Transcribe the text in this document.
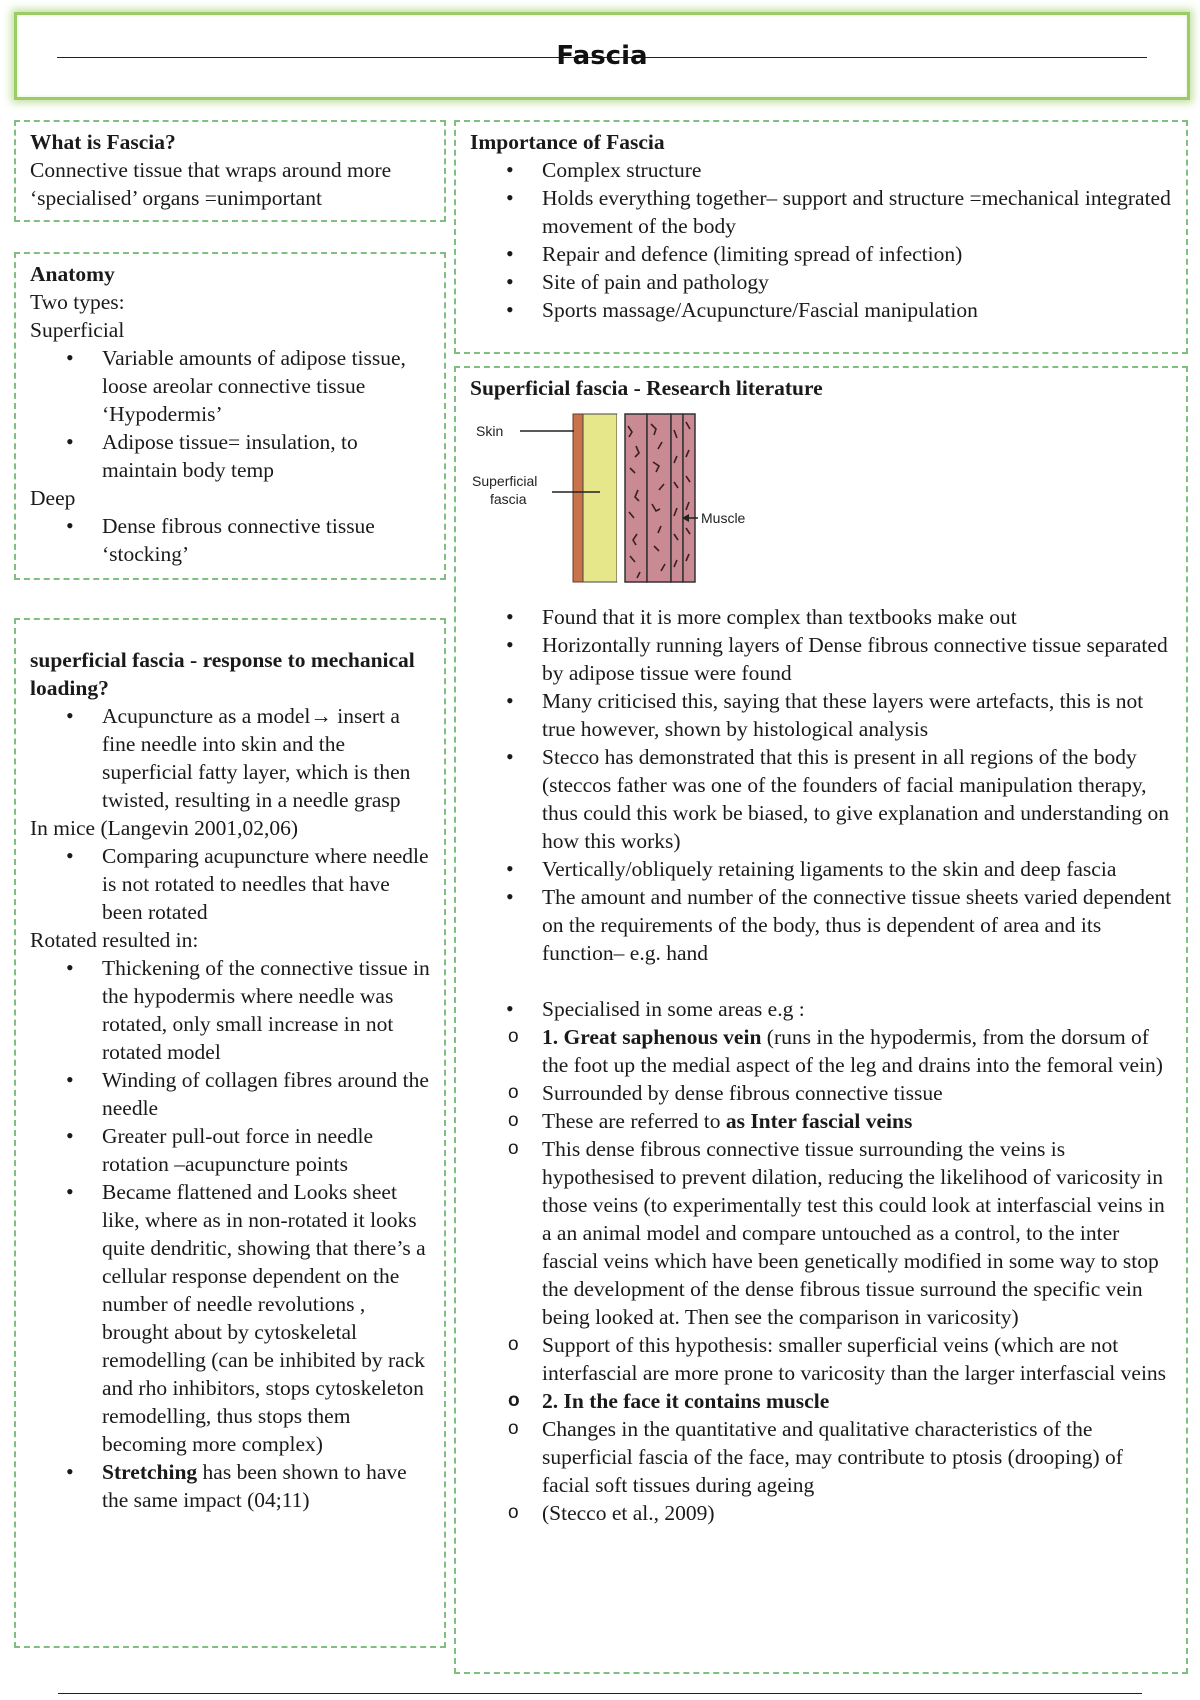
Fascia
What is Fascia?

Connective tissue that wraps around more ‘specialised’ organs =unimportant

Anatomy

Two types:

Superficial

• Variable amounts of adipose tissue, loose areolar connective tissue ‘Hypodermis’
• Adipose tissue= insulation, to maintain body temp

Deep

• Dense fibrous connective tissue ‘stocking’
superficial fascia - response to mechanical loading?
• Acupuncture as a model→ insert a fine needle into skin and the superficial fatty layer, which is then twisted, resulting in a needle grasp

In mice (Langevin 2001,02,06)

• Comparing acupuncture where needle is not rotated to needles that have been rotated

Rotated resulted in:

• Thickening of the connective tissue in the hypodermis where needle was rotated, only small increase in not rotated model
• Winding of collagen fibres around the needle
• Greater pull-out force in needle rotation –acupuncture points
• Became flattened and Looks sheet like, where as in non-rotated it looks quite dendritic, showing that there’s a cellular response dependent on the number of needle revolutions , brought about by cytoskeletal remodelling (can be inhibited by rack and rho inhibitors, stops cytoskeleton remodelling, thus stops them becoming more complex)
• Stretching has been shown to have the same impact (04;11)
Importance of Fascia
• Complex structure
• Holds everything together– support and structure =mechanical integrated movement of the body
• Repair and defence (limiting spread of infection)
• Site of pain and pathology
• Sports massage/Acupuncture/Fascial manipulation
Superficial fascia - Research literature
Skin
Superficial
fascia
Muscle
• Found that it is more complex than textbooks make out
• Horizontally running layers of Dense fibrous connective tissue separated by adipose tissue were found
• Many criticised this, saying that these layers were artefacts, this is not true however, shown by histological analysis
• Stecco has demonstrated that this is present in all regions of the body (steccos father was one of the founders of facial manipulation therapy, thus could this work be biased, to give explanation and understanding on how this works)
• Vertically/obliquely retaining ligaments to the skin and deep fascia
• The amount and number of the connective tissue sheets varied dependent on the requirements of the body, thus is dependent of area and its function– e.g. hand
• Specialised in some areas e.g :
o 1. Great saphenous vein (runs in the hypodermis, from the dorsum of the foot up the medial aspect of the leg and drains into the femoral vein)
o Surrounded by dense fibrous connective tissue
o These are referred to as Inter fascial veins
o This dense fibrous connective tissue surrounding the veins is hypothesised to prevent dilation, reducing the likelihood of varicosity in those veins (to experimentally test this could look at interfascial veins in a an animal model and compare untouched as a control, to the inter fascial veins which have been genetically modified in some way to stop the development of the dense fibrous tissue surround the specific vein being looked at. Then see the comparison in varicosity)
o Support of this hypothesis: smaller superficial veins (which are not interfascial are more prone to varicosity than the larger interfascial veins
o 2. In the face it contains muscle
o Changes in the quantitative and qualitative characteristics of the superficial fascia of the face, may contribute to ptosis (drooping) of facial soft tissues during ageing
o (Stecco et al., 2009)
